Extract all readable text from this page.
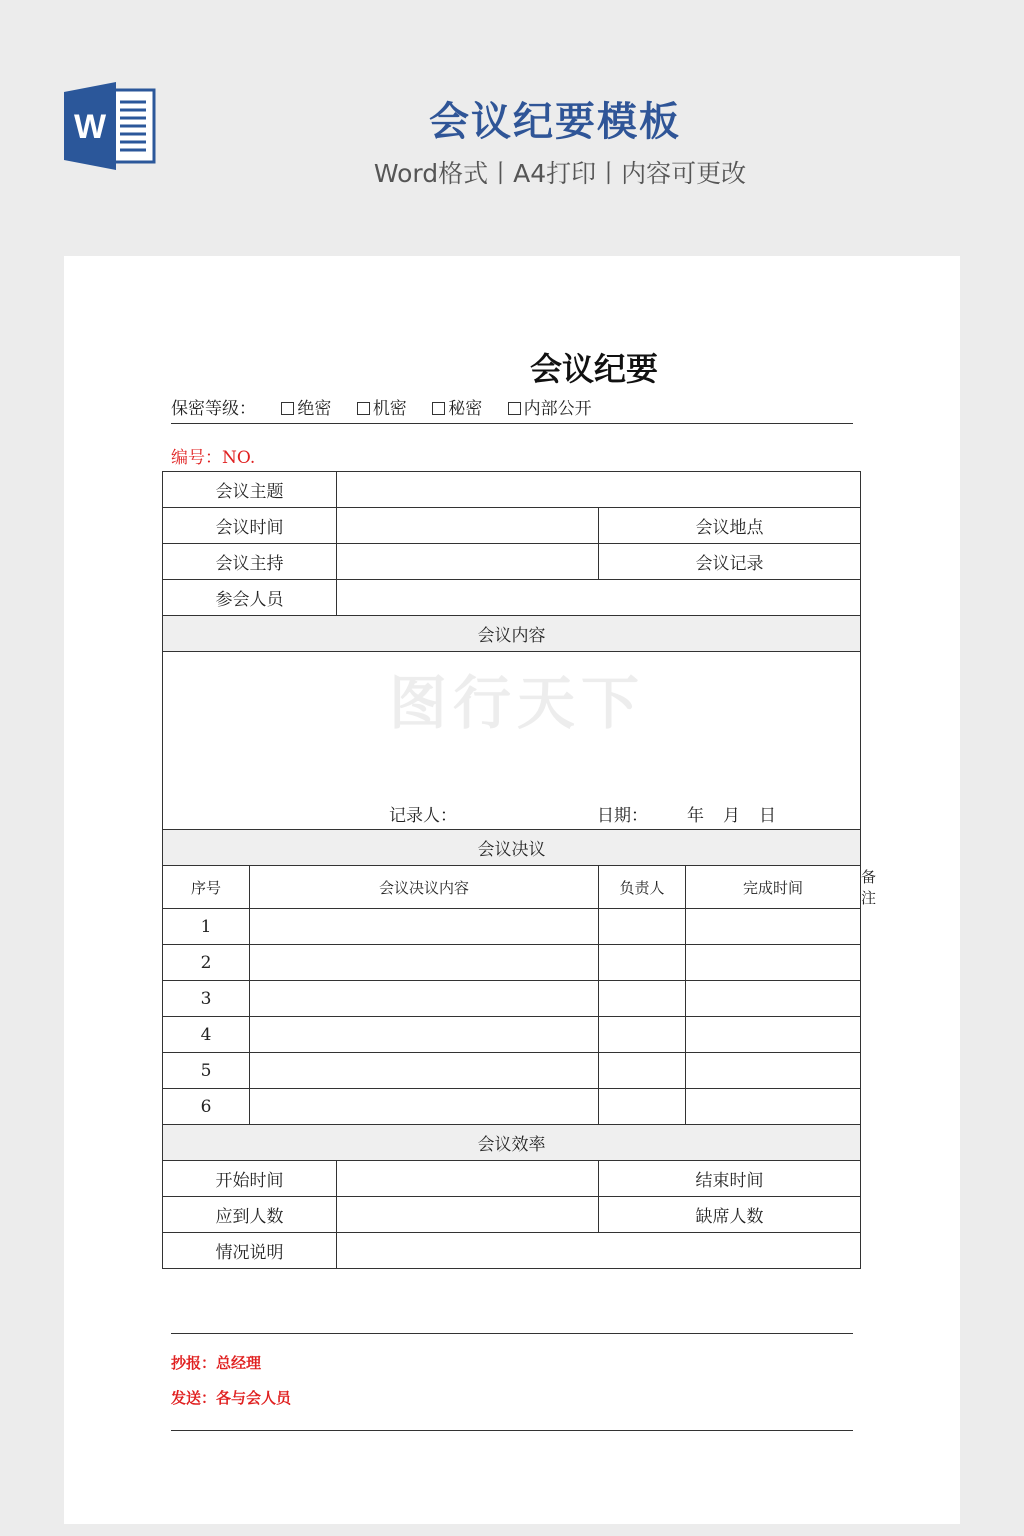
W	会议纪要模板
Word格式丨A4打印丨内容可更改
图行天下
会议纪要
保密等级： 绝密 机密 秘密 内部公开
编号：NO.
会议主题					
会议时间			会议地点		
会议主持			会议记录		
参会人员					
会议内容					

记录人： 日期： 年 月 日					

会议决议					
序号	会议决议内容		负责人	完成时间	备注
1					
2					
3					
4					
5					
6					
会议效率					
开始时间			结束时间		
应到人数			缺席人数		
情况说明					
抄报：总经理
发送：各与会人员
